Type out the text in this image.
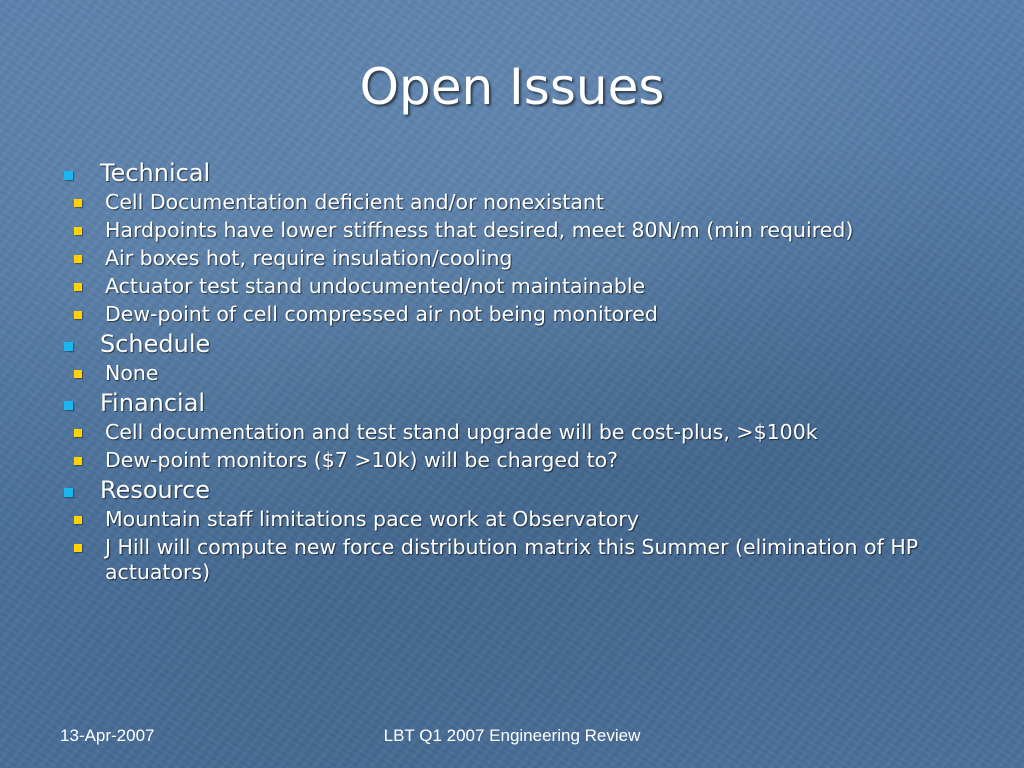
Open Issues
Technical
Cell Documentation deficient and/or nonexistant
Hardpoints have lower stiffness that desired, meet 80N/m (min required)
Air boxes hot, require insulation/cooling
Actuator test stand undocumented/not maintainable
Dew-point of cell compressed air not being monitored
Schedule
None
Financial
Cell documentation and test stand upgrade will be cost-plus, >$100k
Dew-point monitors ($7 >10k) will be charged to?
Resource
Mountain staff limitations pace work at Observatory
J Hill will compute new force distribution matrix this Summer (elimination of HP actuators)
13-Apr-2007	LBT Q1 2007 Engineering Review
